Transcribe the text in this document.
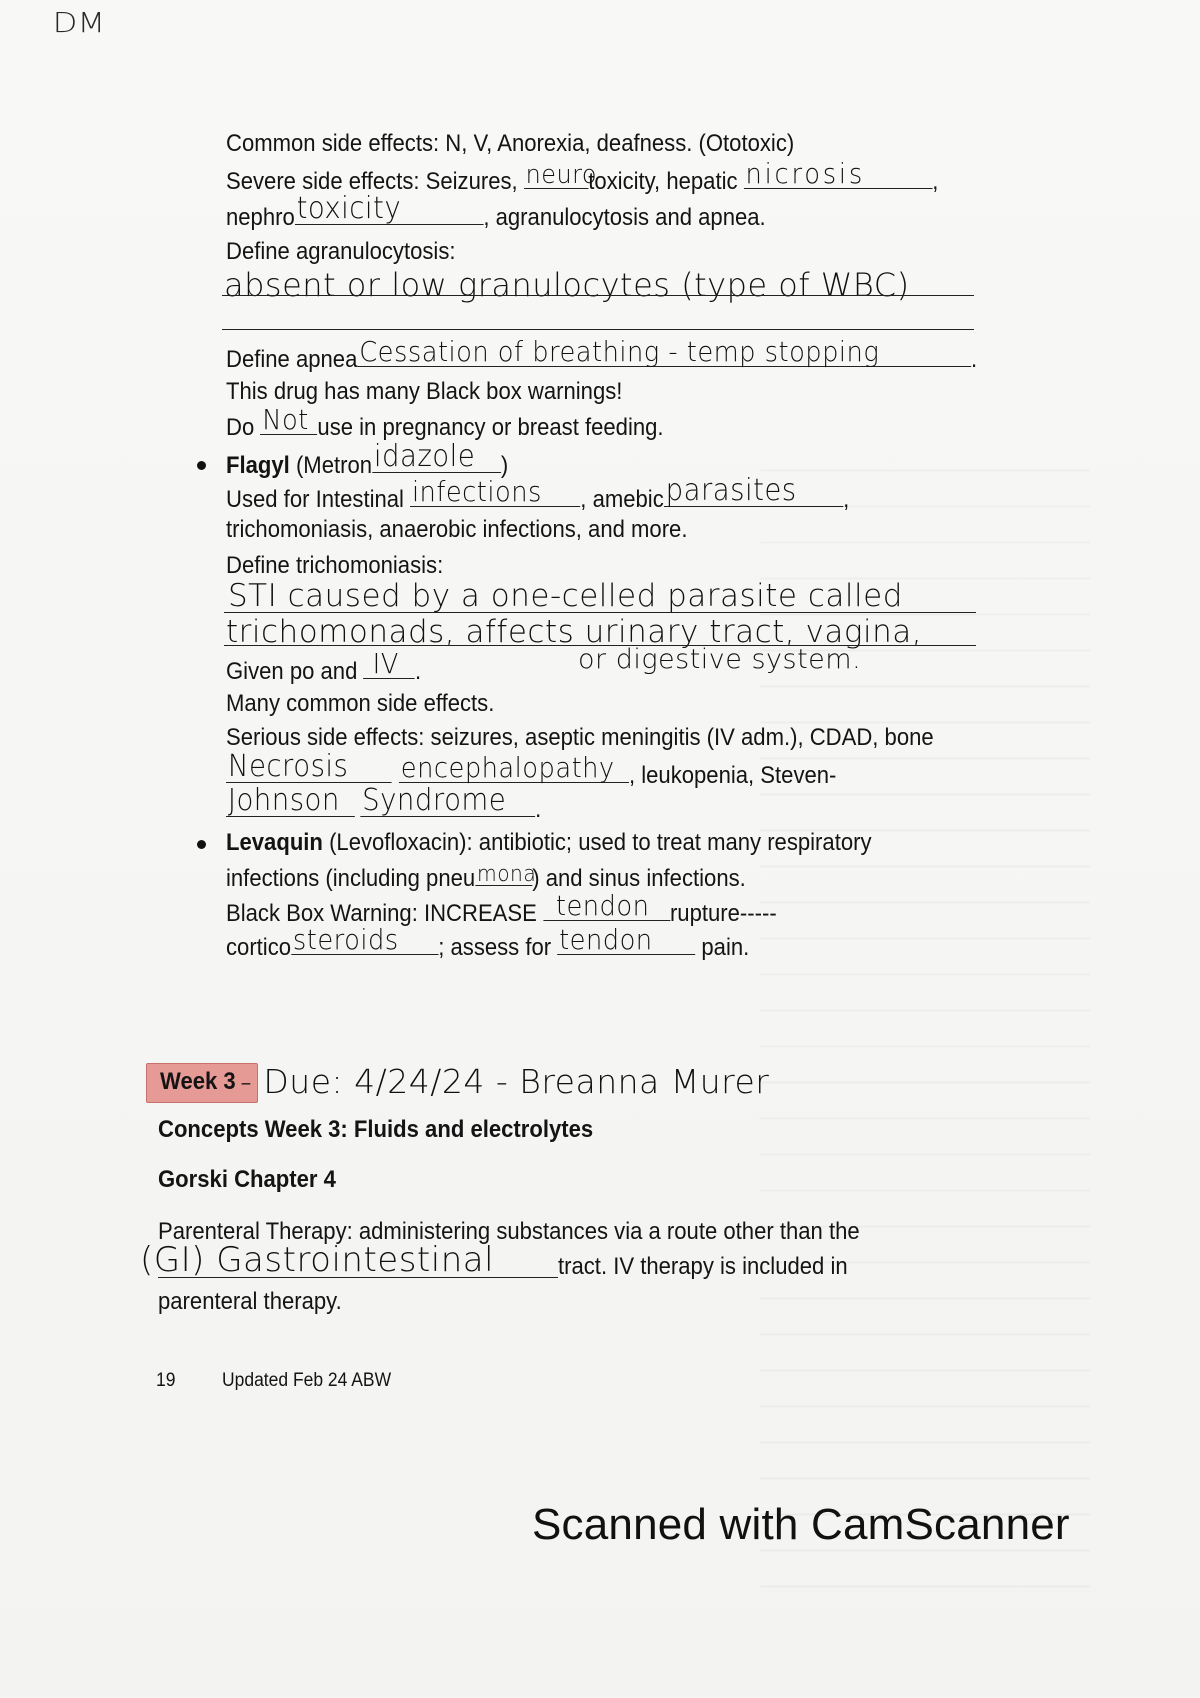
DM
Common side effects: N, V, Anorexia, deafness. (Ototoxic)
Severe side effects: Seizures, neuro
toxicity, hepatic nicrosis	,
nephro toxicity	, agranulocytosis and apnea.
Define agranulocytosis:
absent or low granulocytes (type of WBC)
Define apnea Cessation of breathing - temp stopping	.
This drug has many Black box warnings!
Do Not use in pregnancy or breast feeding.
Flagyl (Metron idazole )
Used for Intestinal infections , amebic parasites ,
trichomoniasis, anaerobic infections, and more.
Define trichomoniasis:
STI caused by a one-celled parasite called
trichomonads, affects urinary tract, vagina,
or digestive system.
Given po and IV .
Many common side effects.
Serious side effects: seizures, aseptic meningitis (IV adm.), CDAD, bone
Necrosis encephalopathy , leukopenia, Steven-
Johnson Syndrome .
Levaquin (Levofloxacin): antibiotic; used to treat many respiratory
infections (including pneu mona
) and sinus infections.
Black Box Warning: INCREASE tendon rupture-----
cortico steroids ; assess for tendon pain.
Week 3 - Due: 4/24/24 - Breanna Murer
Concepts Week 3: Fluids and electrolytes
Gorski Chapter 4
Parenteral Therapy: administering substances via a route other than the
(GI) Gastrointestinal	tract. IV therapy is included in
parenteral therapy.
19 Updated Feb 24 ABW
Scanned with CamScanner
